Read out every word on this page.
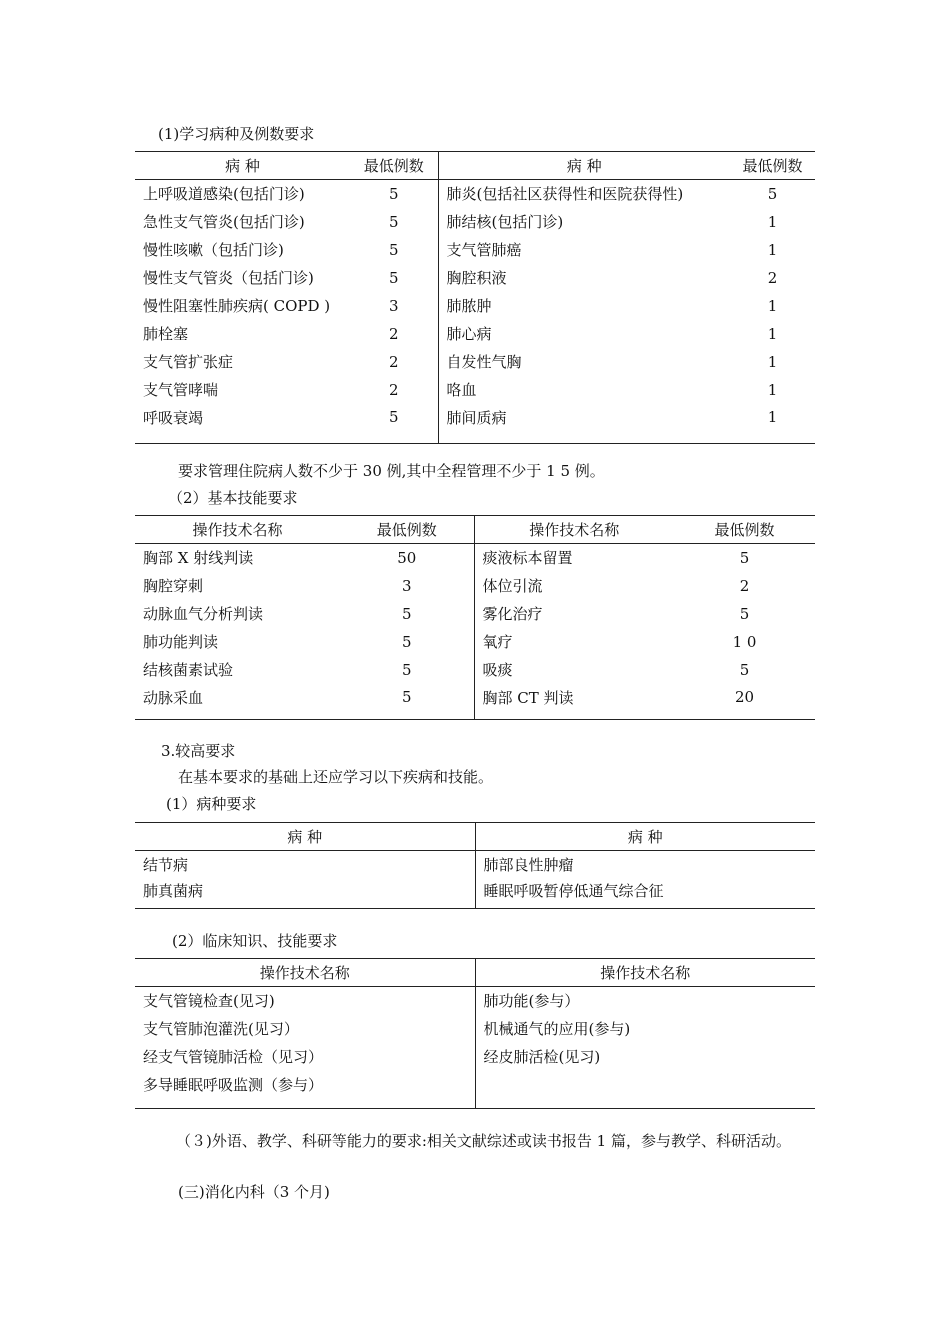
(1)学习病种及例数要求
病 种	最低例数	病 种	最低例数
上呼吸道感染(包括门诊)	5	肺炎(包括社区获得性和医院获得性)	5
急性支气管炎(包括门诊)	5	肺结核(包括门诊)	1
慢性咳嗽（包括门诊)	5	支气管肺癌	1
慢性支气管炎（包括门诊)	5	胸腔积液	2
慢性阻塞性肺疾病( COPD )	3	肺脓肿	1
肺栓塞	2	肺心病	1
支气管扩张症	2	自发性气胸	1
支气管哮喘	2	咯血	1
呼吸衰竭	5	肺间质病	1
要求管理住院病人数不少于 30 例,其中全程管理不少于 1 5 例。
（2）基本技能要求
操作技术名称	最低例数	操作技术名称	最低例数
胸部 X 射线判读	50	痰液标本留置	5
胸腔穿刺	3	体位引流	2
动脉血气分析判读	5	雾化治疗	5
肺功能判读	5	氧疗	1 0
结核菌素试验	5	吸痰	5
动脉采血	5	胸部 CT 判读	20
3.较高要求
在基本要求的基础上还应学习以下疾病和技能。
(1）病种要求
病 种	病 种
结节病	肺部良性肿瘤
肺真菌病	睡眠呼吸暂停低通气综合征
(2）临床知识、技能要求
操作技术名称	操作技术名称
支气管镜检查(见习)	肺功能(参与）
支气管肺泡灌洗(见习）	机械通气的应用(参与)
经支气管镜肺活检（见习）	经皮肺活检(见习)
多导睡眠呼吸监测（参与）	
（３)外语、教学、科研等能力的要求:相关文献综述或读书报告 1 篇，参与教学、科研活动。
(三)消化内科（3 个月)
